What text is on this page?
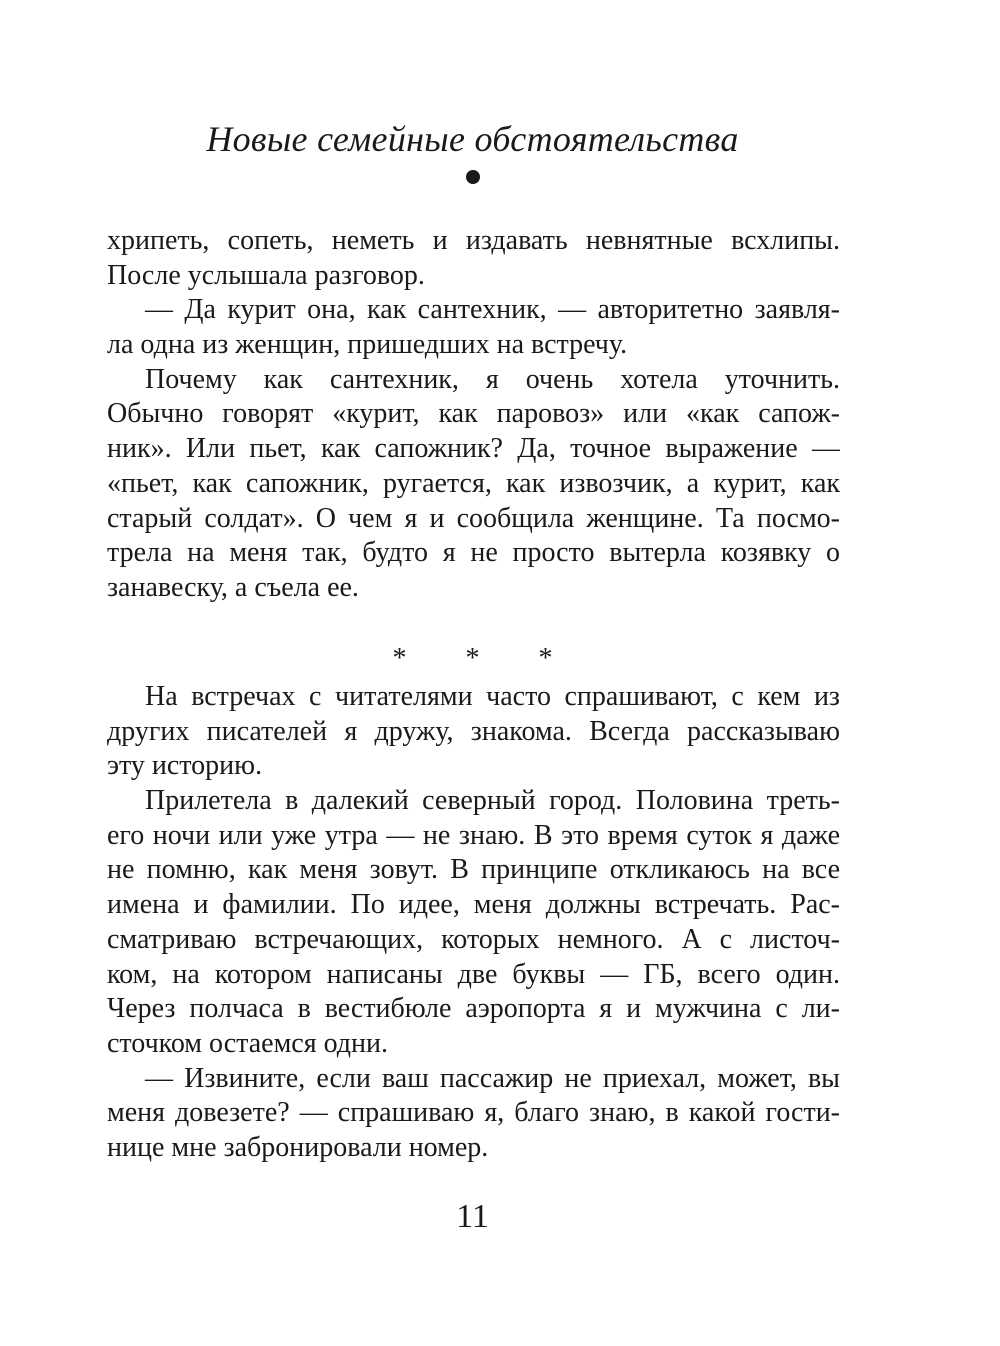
Новые семейные обстоятельства
хрипеть, сопеть, неметь и издавать невнятные всхлипы.
После услышала разговор.
— Да курит она, как сантехник, — авторитетно заявля-
ла одна из женщин, пришедших на встречу.
Почему как сантехник, я очень хотела уточнить.
Обычно говорят «курит, как паровоз» или «как сапож-
ник». Или пьет, как сапожник? Да, точное выражение —
«пьет, как сапожник, ругается, как извозчик, а курит, как
старый солдат». О чем я и сообщила женщине. Та посмо-
трела на меня так, будто я не просто вытерла козявку о
занавеску, а съела ее.
* * *
На встречах с читателями часто спрашивают, с кем из
других писателей я дружу, знакома. Всегда рассказываю
эту историю.
Прилетела в далекий северный город. Половина треть-
его ночи или уже утра — не знаю. В это время суток я даже
не помню, как меня зовут. В принципе откликаюсь на все
имена и фамилии. По идее, меня должны встречать. Рас-
сматриваю встречающих, которых немного. А с листоч-
ком, на котором написаны две буквы — ГБ, всего один.
Через полчаса в вестибюле аэропорта я и мужчина с ли-
сточком остаемся одни.
— Извините, если ваш пассажир не приехал, может, вы
меня довезете? — спрашиваю я, благо знаю, в какой гости-
нице мне забронировали номер.
11
